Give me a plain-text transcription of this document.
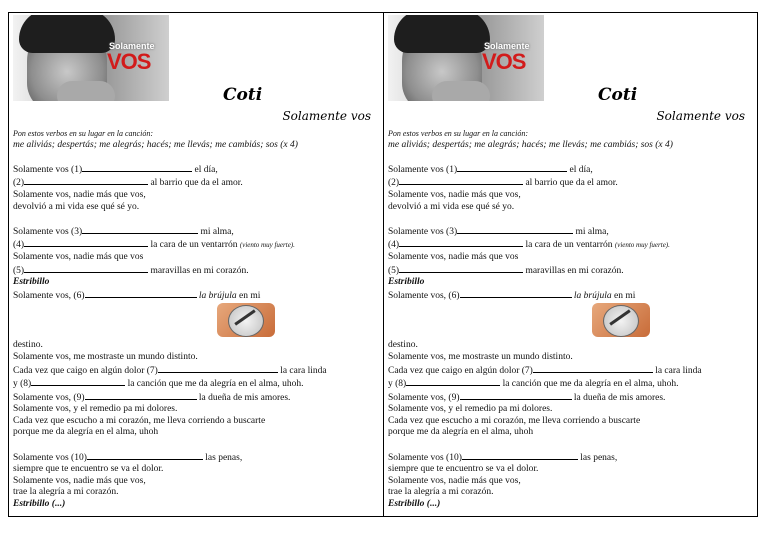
Solamente
VOS
Coti
Solamente vos

Pon estos verbos en su lugar en la canción:

me aliviás; despertás; me alegrás; hacés; me llevás; me cambiás; sos (x 4)

Solamente vos (1)	el día,

(2)	al barrio que da el amor.

Solamente vos, nadie más que vos,

devolvió a mi vida ese qué sé yo.

Solamente vos (3)	mi alma,

(4)	la cara de un ventarrón (viento muy fuerte).

Solamente vos, nadie más que vos

(5)	maravillas en mi corazón.

Estribillo

Solamente vos, (6)	la brújula en mi

destino.

Solamente vos, me mostraste un mundo distinto.

Cada vez que caigo en algún dolor (7)	la cara linda

y (8)	la canción que me da alegría en el alma, uhoh.

Solamente vos, (9)	la dueña de mis amores.

Solamente vos, y el remedio pa mi dolores.

Cada vez que escucho a mi corazón, me lleva corriendo a buscarte

porque me da alegría en el alma, uhoh

Solamente vos (10)	las penas,

siempre que te encuentro se va el dolor.

Solamente vos, nadie más que vos,

trae la alegría a mi corazón.

Estribillo (...)

Solamente
VOS
Coti
Solamente vos

Pon estos verbos en su lugar en la canción:

me aliviás; despertás; me alegrás; hacés; me llevás; me cambiás; sos (x 4)

Solamente vos (1)	el día,

(2)	al barrio que da el amor.

Solamente vos, nadie más que vos,

devolvió a mi vida ese qué sé yo.

Solamente vos (3)	mi alma,

(4)	la cara de un ventarrón (viento muy fuerte).

Solamente vos, nadie más que vos

(5)	maravillas en mi corazón.

Estribillo

Solamente vos, (6)	la brújula en mi

destino.

Solamente vos, me mostraste un mundo distinto.

Cada vez que caigo en algún dolor (7)	la cara linda

y (8)	la canción que me da alegría en el alma, uhoh.

Solamente vos, (9)	la dueña de mis amores.

Solamente vos, y el remedio pa mi dolores.

Cada vez que escucho a mi corazón, me lleva corriendo a buscarte

porque me da alegría en el alma, uhoh

Solamente vos (10)	las penas,

siempre que te encuentro se va el dolor.

Solamente vos, nadie más que vos,

trae la alegría a mi corazón.

Estribillo (...)
